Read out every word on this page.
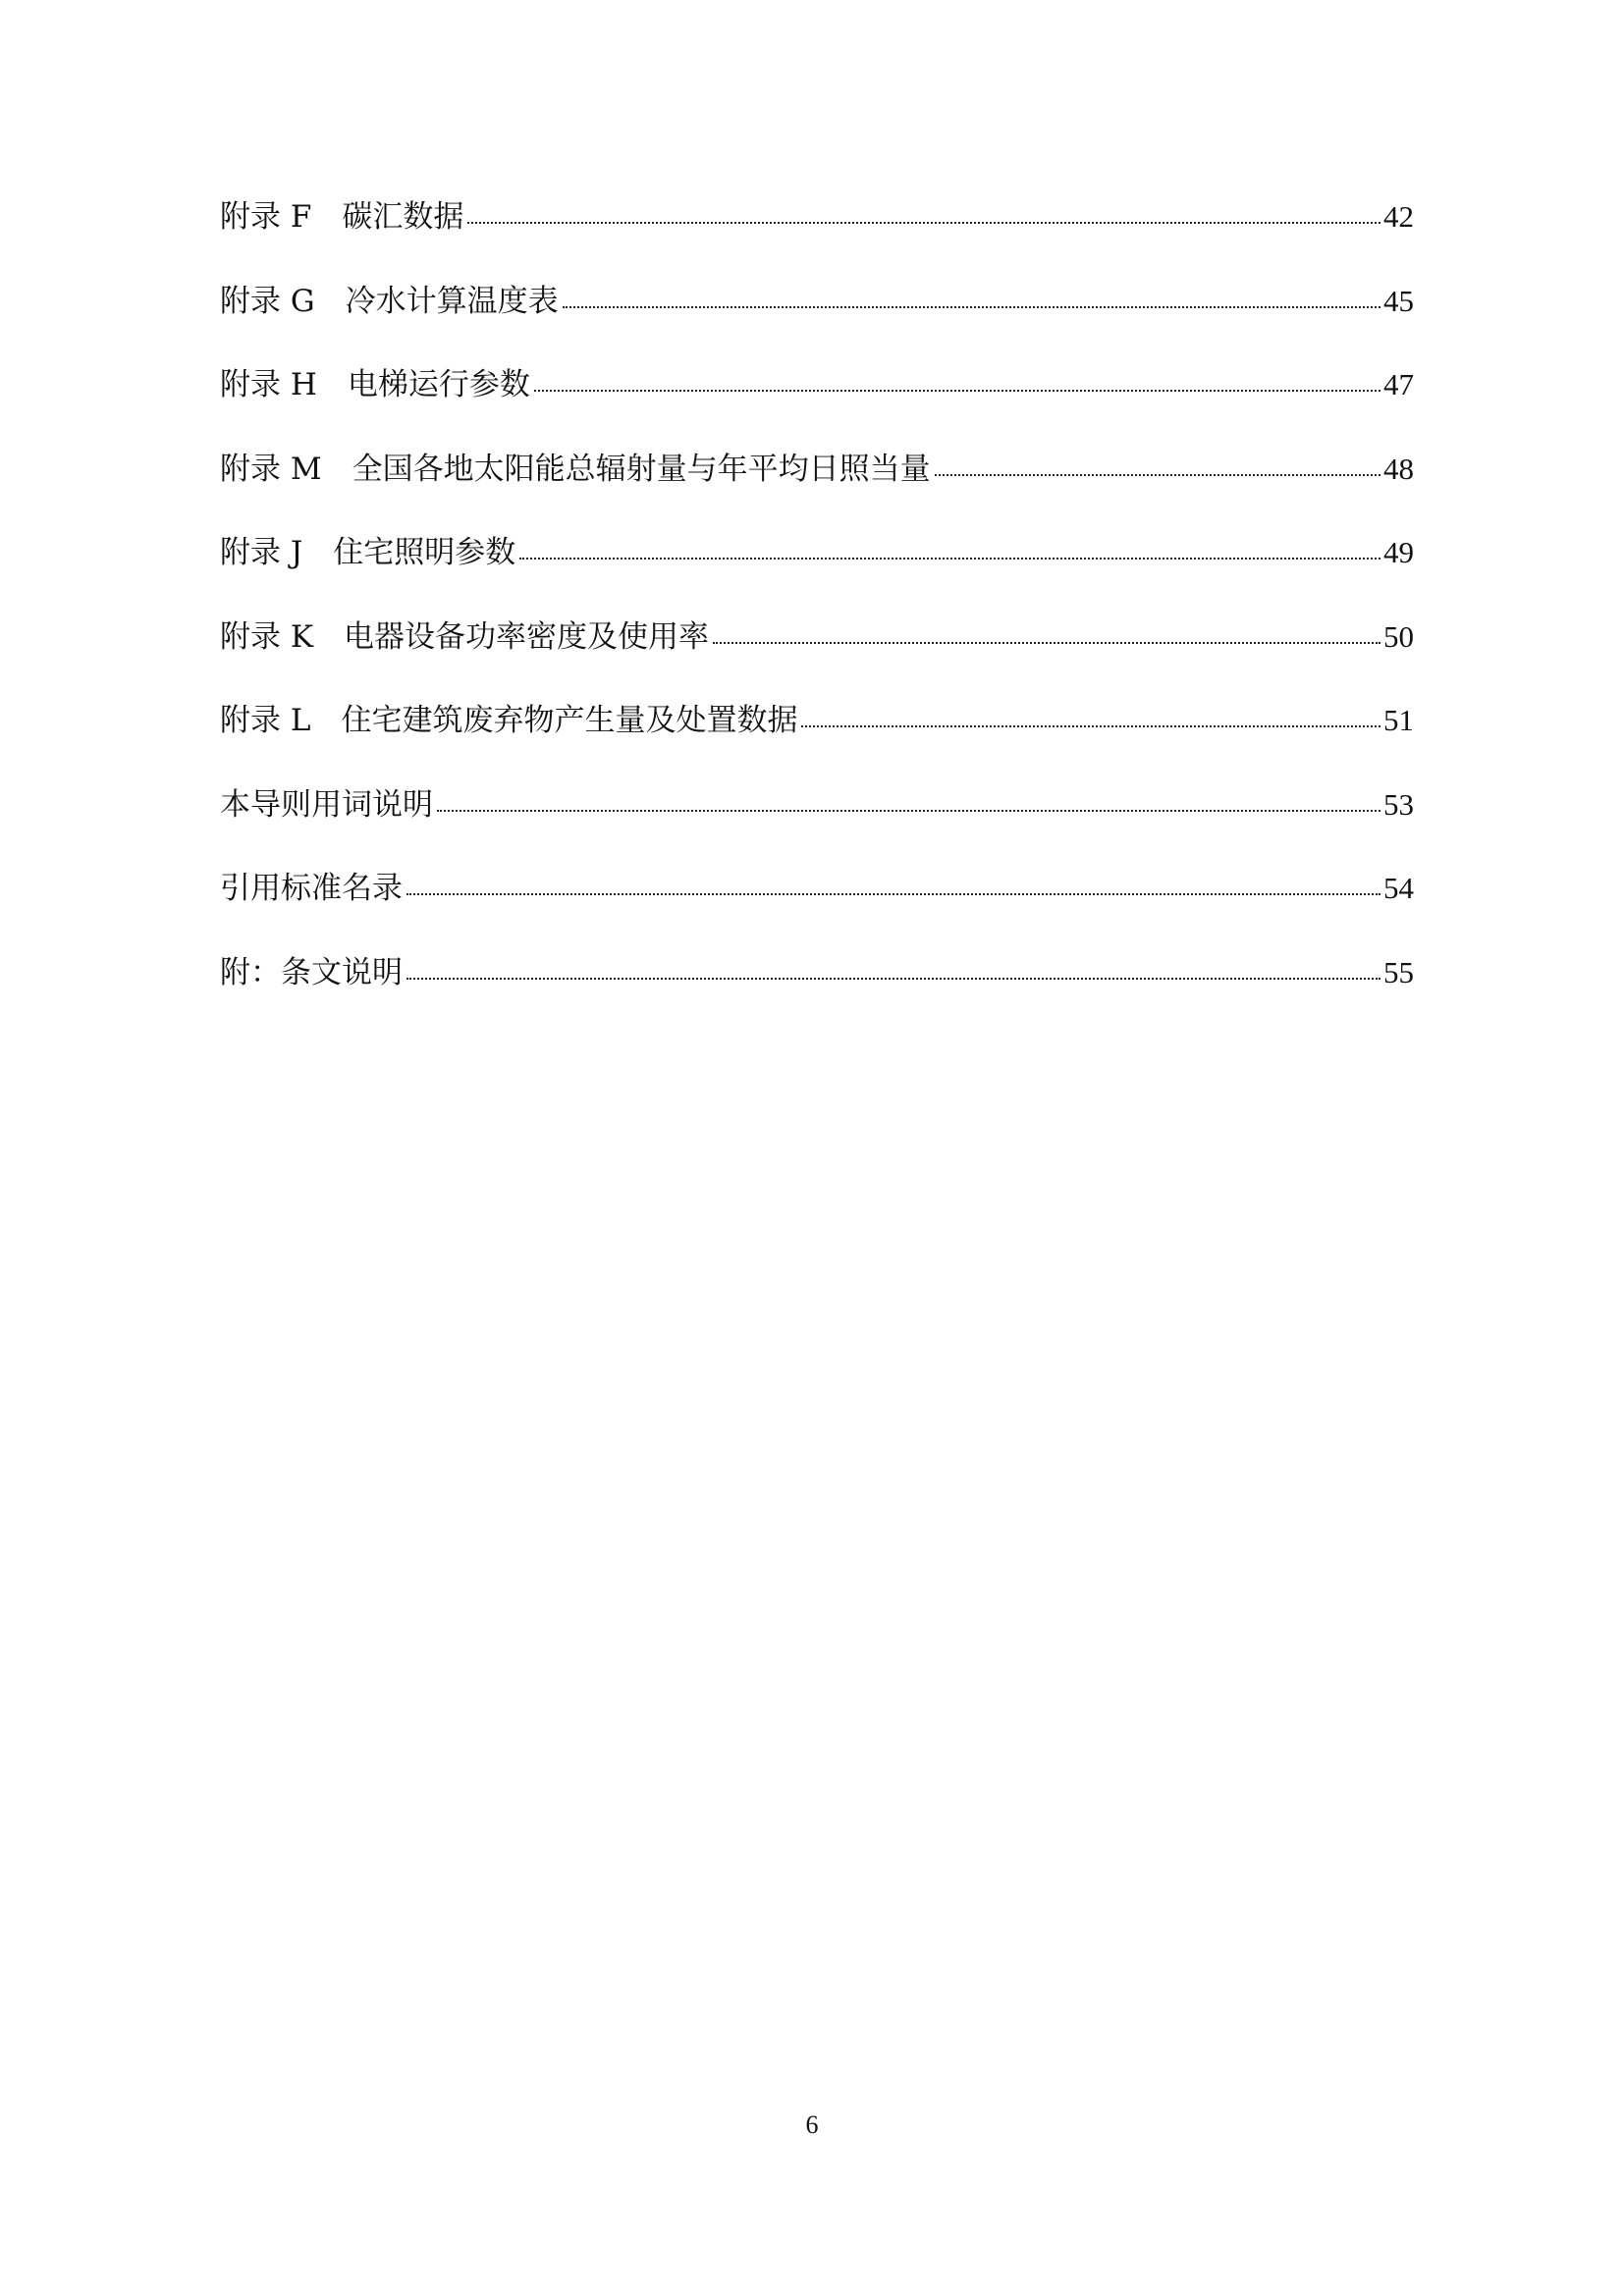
附录 F　碳汇数据	42
附录 G　冷水计算温度表	45
附录 H　电梯运行参数	47
附录 M　全国各地太阳能总辐射量与年平均日照当量	48
附录 J　住宅照明参数	49
附录 K　电器设备功率密度及使用率	50
附录 L　住宅建筑废弃物产生量及处置数据	51
本导则用词说明	53
引用标准名录	54
附：条文说明	55
6
